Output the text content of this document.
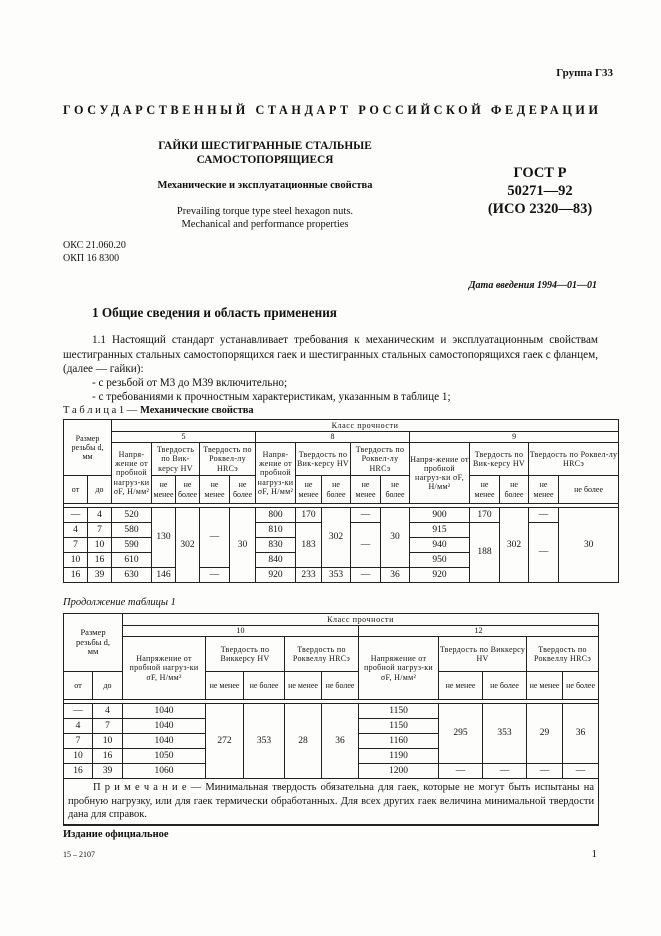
Группа Г33
ГОСУДАРСТВЕННЫЙ СТАНДАРТ РОССИЙСКОЙ ФЕДЕРАЦИИ
ГАЙКИ ШЕСТИГРАННЫЕ СТАЛЬНЫЕ
САМОСТОПОРЯЩИЕСЯ
Механические и эксплуатационные свойства
Prevailing torque type steel hexagon nuts.
Mechanical and performance properties
ГОСТ Р
50271—92
(ИСО 2320—83)
ОКС 21.060.20
ОКП 16 8300
Дата введения 1994—01—01
1 Общие сведения и область применения
1.1 Настоящий стандарт устанавливает требования к механическим и эксплуатационным свойствам шестигранных стальных самостопорящихся гаек и шестигранных стальных самостопорящихся гаек с фланцем, (далее — гайки):
- с резьбой от М3 до М39 включительно;
- с требованиями к прочностным характеристикам, указанным в таблице 1;
Т а б л и ц а 1 — Механические свойства
Размер резьбы d, мм		Класс прочности														
		5					8					9				
		Напря-жение от пробной нагруз-ки σF, Н/мм²	Твердость по Вик-керсу HV		Твердость по Роквел-лу HRCэ		Напря-жение от пробной нагруз-ки σF, Н/мм²	Твердость по Вик-керсу HV		Твердость по Роквел-лу HRCэ		Напря-жение от пробной нагруз-ки σF, Н/мм²	Твердость по Вик-керсу HV		Твердость по Роквел-лу HRCэ	
от	до		не менее	не более	не менее	не более		не менее	не более	не менее	не более		не менее	не более	не менее	не более

—	4	520	130	302	—	30	800	170	302	—	30	900	170	302	—	30
4	7	580					810	183		—		915	188		—	
7	10	590					830					940				
10	16	610					840					950				
16	39	630	146		—		920	233	353	—	36	920				
Продолжение таблицы 1
Размер резьбы d, мм		Класс прочности									
		10					12				
		Напряжение от пробной нагруз-ки σF, Н/мм²	Твердость по Виккерсу HV		Твердость по Роквеллу HRCэ		Напряжение от пробной нагруз-ки σF, Н/мм²	Твердость по Виккерсу HV		Твердость по Роквеллу HRCэ	
от	до		не менее	не более	не менее	не более		не менее	не более	не менее	не более

—	4	1040	272	353	28	36	1150	295	353	29	36
4	7	1040					1150				
7	10	1040					1160				
10	16	1050					1190				
16	39	1060					1200	—	—	—	—
П р и м е ч а н и е — Минимальная твердость обязательна для гаек, которые не могут быть испытаны на пробную нагрузку, или для гаек термически обработанных. Для всех других гаек величина минимальной твердости дана для справок.											
Издание официальное
15 – 2107	1
